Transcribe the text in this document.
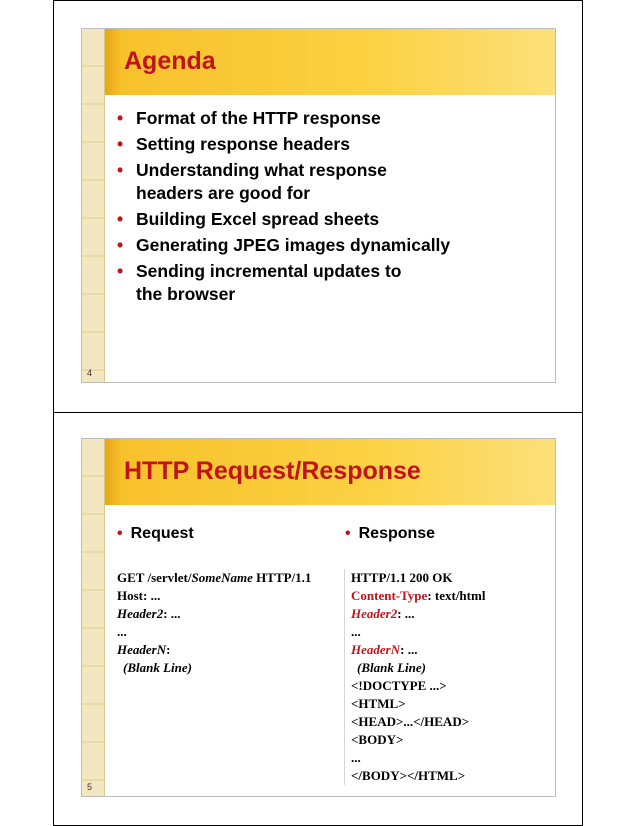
Agenda
• Format of the HTTP response
• Setting response headers
• Understanding what response headers are good for
• Building Excel spread sheets
• Generating JPEG images dynamically
• Sending incremental updates to the browser
4
HTTP Request/Response
• Request	• Response
GET /servlet/SomeName HTTP/1.1
Host: ...
Header2: ...
...
HeaderN:
(Blank Line)
HTTP/1.1 200 OK
Content-Type: text/html
Header2: ...
...
HeaderN: ...
(Blank Line)
<!DOCTYPE ...>
<HTML>
<HEAD>...</HEAD>
<BODY>
...
</BODY></HTML>
5
